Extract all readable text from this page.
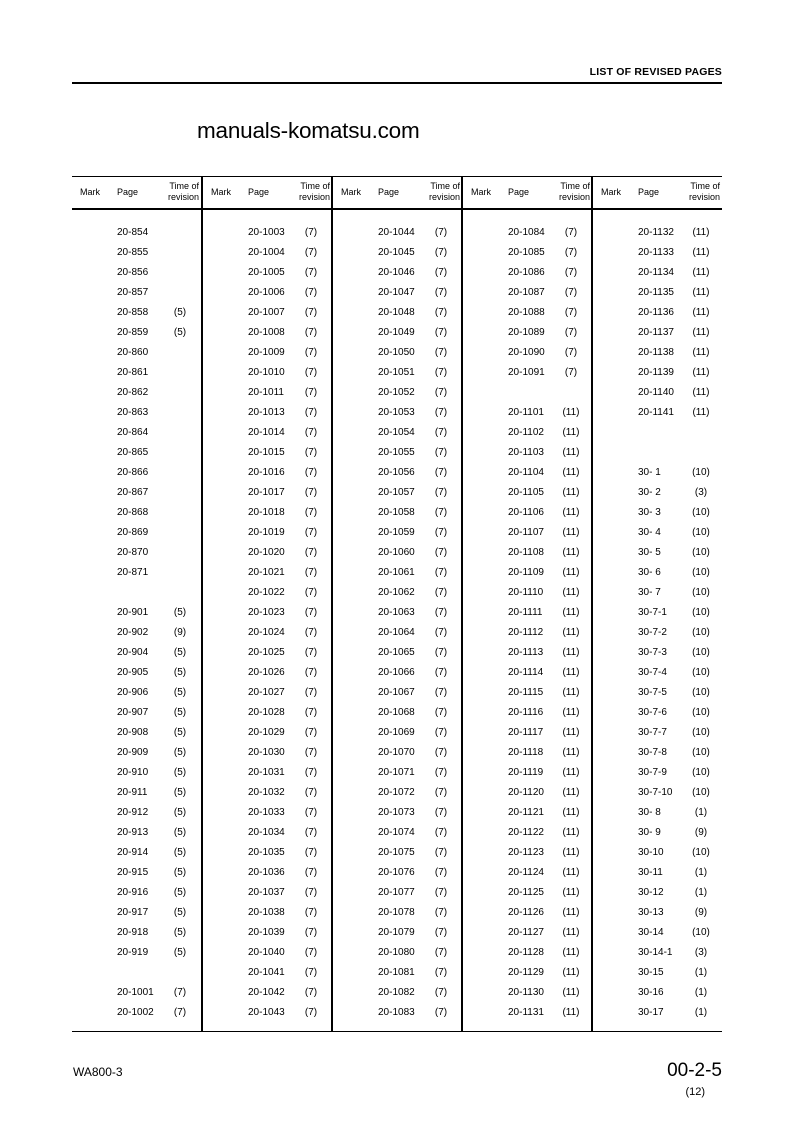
LIST OF REVISED PAGES
manuals-komatsu.com
Mark Page
Time of
revision
20-854
20-855
20-856
20-857
20-858	(5)
20-859	(5)
20-860
20-861
20-862
20-863
20-864
20-865
20-866
20-867
20-868
20-869
20-870
20-871
20-901	(5)
20-902	(9)
20-904	(5)
20-905	(5)
20-906	(5)
20-907	(5)
20-908	(5)
20-909	(5)
20-910	(5)
20-911	(5)
20-912	(5)
20-913	(5)
20-914	(5)
20-915	(5)
20-916	(5)
20-917	(5)
20-918	(5)
20-919	(5)
20-1001	(7)
20-1002	(7)
Mark Page
Time of
revision
20-1003	(7)
20-1004	(7)
20-1005	(7)
20-1006	(7)
20-1007	(7)
20-1008	(7)
20-1009	(7)
20-1010	(7)
20-1011	(7)
20-1013	(7)
20-1014	(7)
20-1015	(7)
20-1016	(7)
20-1017	(7)
20-1018	(7)
20-1019	(7)
20-1020	(7)
20-1021	(7)
20-1022	(7)
20-1023	(7)
20-1024	(7)
20-1025	(7)
20-1026	(7)
20-1027	(7)
20-1028	(7)
20-1029	(7)
20-1030	(7)
20-1031	(7)
20-1032	(7)
20-1033	(7)
20-1034	(7)
20-1035	(7)
20-1036	(7)
20-1037	(7)
20-1038	(7)
20-1039	(7)
20-1040	(7)
20-1041	(7)
20-1042	(7)
20-1043	(7)
Mark Page
Time of
revision
20-1044	(7)
20-1045	(7)
20-1046	(7)
20-1047	(7)
20-1048	(7)
20-1049	(7)
20-1050	(7)
20-1051	(7)
20-1052	(7)
20-1053	(7)
20-1054	(7)
20-1055	(7)
20-1056	(7)
20-1057	(7)
20-1058	(7)
20-1059	(7)
20-1060	(7)
20-1061	(7)
20-1062	(7)
20-1063	(7)
20-1064	(7)
20-1065	(7)
20-1066	(7)
20-1067	(7)
20-1068	(7)
20-1069	(7)
20-1070	(7)
20-1071	(7)
20-1072	(7)
20-1073	(7)
20-1074	(7)
20-1075	(7)
20-1076	(7)
20-1077	(7)
20-1078	(7)
20-1079	(7)
20-1080	(7)
20-1081	(7)
20-1082	(7)
20-1083	(7)
Mark Page
Time of
revision
20-1084	(7)
20-1085	(7)
20-1086	(7)
20-1087	(7)
20-1088	(7)
20-1089	(7)
20-1090	(7)
20-1091	(7)
20-1101	(11)
20-1102	(11)
20-1103	(11)
20-1104	(11)
20-1105	(11)
20-1106	(11)
20-1107	(11)
20-1108	(11)
20-1109	(11)
20-1110	(11)
20-1111	(11)
20-1112	(11)
20-1113	(11)
20-1114	(11)
20-1115	(11)
20-1116	(11)
20-1117	(11)
20-1118	(11)
20-1119	(11)
20-1120	(11)
20-1121	(11)
20-1122	(11)
20-1123	(11)
20-1124	(11)
20-1125	(11)
20-1126	(11)
20-1127	(11)
20-1128	(11)
20-1129	(11)
20-1130	(11)
20-1131	(11)
Mark Page
Time of
revision
20-1132	(11)
20-1133	(11)
20-1134	(11)
20-1135	(11)
20-1136	(11)
20-1137	(11)
20-1138	(11)
20-1139	(11)
20-1140	(11)
20-1141	(11)
30- 1	(10)
30- 2	(3)
30- 3	(10)
30- 4	(10)
30- 5	(10)
30- 6	(10)
30- 7	(10)
30-7-1	(10)
30-7-2	(10)
30-7-3	(10)
30-7-4	(10)
30-7-5	(10)
30-7-6	(10)
30-7-7	(10)
30-7-8	(10)
30-7-9	(10)
30-7-10	(10)
30- 8	(1)
30- 9	(9)
30-10	(10)
30-11	(1)
30-12	(1)
30-13	(9)
30-14	(10)
30-14-1	(3)
30-15	(1)
30-16	(1)
30-17	(1)
WA800-3	00-2-5
(12)
